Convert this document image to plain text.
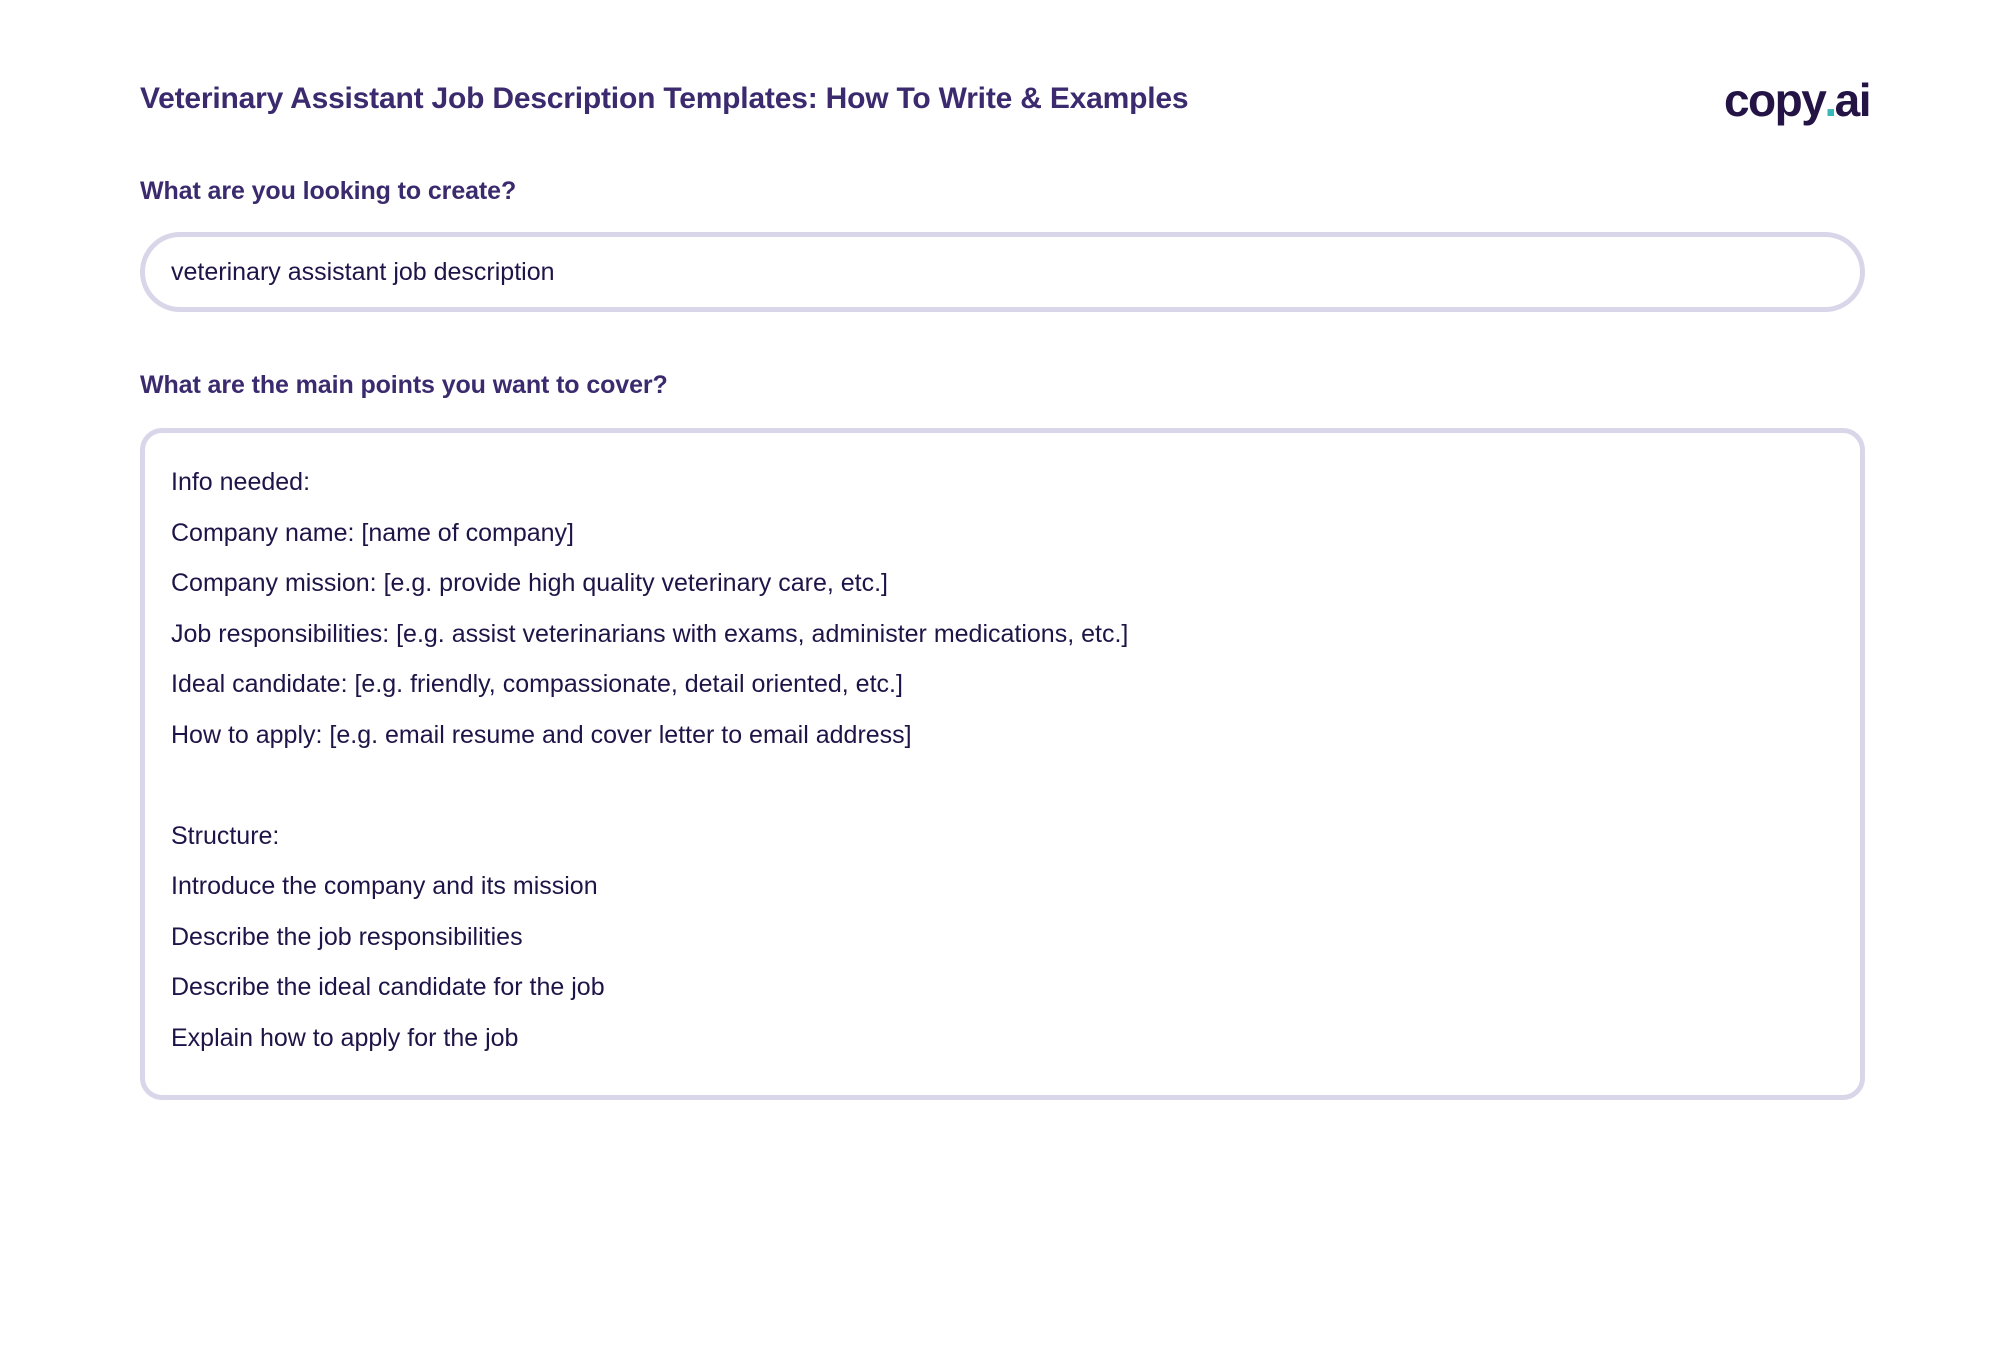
Veterinary Assistant Job Description Templates: How To Write & Examples	copy . ai
What are you looking to create?
veterinary assistant job description
What are the main points you want to cover?
Info needed:
Company name: [name of company]
Company mission: [e.g. provide high quality veterinary care, etc.]
Job responsibilities: [e.g. assist veterinarians with exams, administer medications, etc.]
Ideal candidate: [e.g. friendly, compassionate, detail oriented, etc.]
How to apply: [e.g. email resume and cover letter to email address]
Structure:
Introduce the company and its mission
Describe the job responsibilities
Describe the ideal candidate for the job
Explain how to apply for the job
